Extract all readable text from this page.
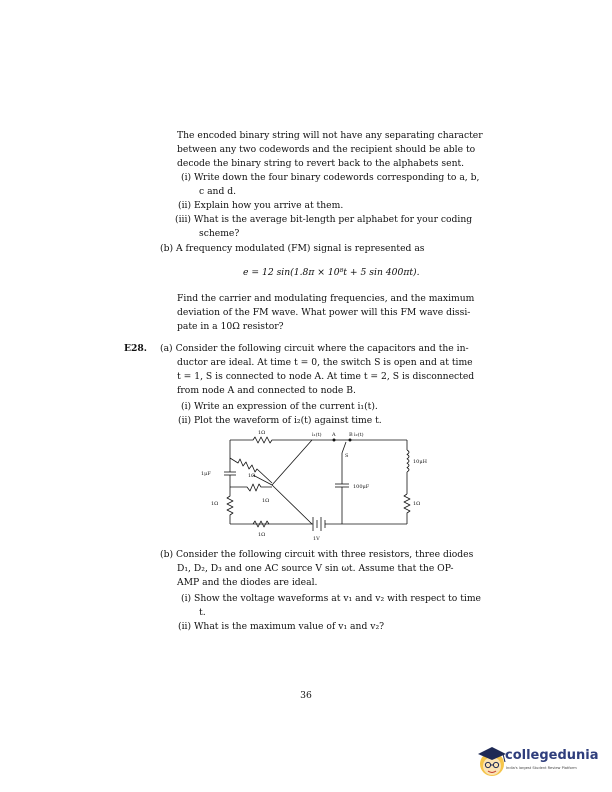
The encoded binary string will not have any separating character
between any two codewords and the recipient should be able to
decode the binary string to revert back to the alphabets sent.
(i) Write down the four binary codewords corresponding to a, b,
c and d.
(ii) Explain how you arrive at them.
(iii) What is the average bit-length per alphabet for your coding
scheme?
(b) A frequency modulated (FM) signal is represented as
e = 12 sin(1.8π × 10⁸t + 5 sin 400πt).
Find the carrier and modulating frequencies, and the maximum
deviation of the FM wave. What power will this FM wave dissi-
pate in a 10Ω resistor?
E28. (a) Consider the following circuit where the capacitors and the in-
ductor are ideal. At time t = 0, the switch S is open and at time
t = 1, S is connected to node A. At time t = 2, S is disconnected
from node A and connected to node B.
(i) Write an expression of the current i₁(t).
(ii) Plot the waveform of i₂(t) against time t.
1Ω	i₁(t) A	B i₂(t)
S
1μF	1Ω
10μH
100μF
1Ω	1Ω	1Ω
1Ω
1V
(b) Consider the following circuit with three resistors, three diodes
D₁, D₂, D₃ and one AC source V sin ωt. Assume that the OP-
AMP and the diodes are ideal.
(i) Show the voltage waveforms at v₁ and v₂ with respect to time
t.
(ii) What is the maximum value of v₁ and v₂?
36
collegedunia
India's largest Student Review Platform
